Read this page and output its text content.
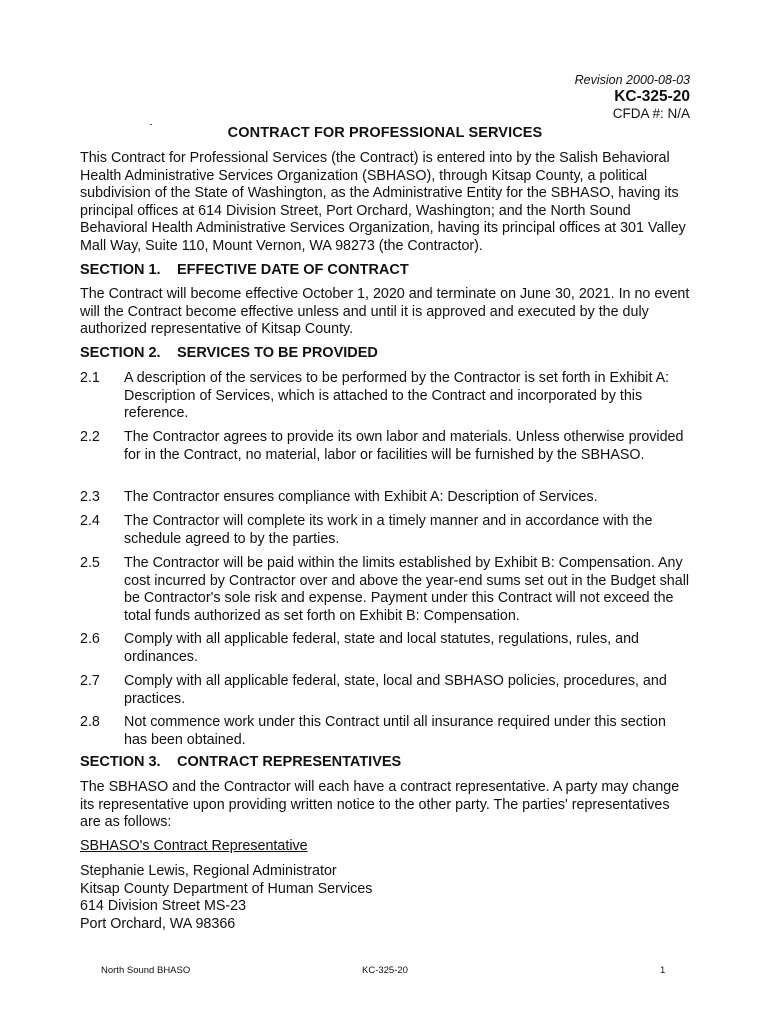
Revision 2000-08-03
KC-325-20
CFDA #: N/A
CONTRACT FOR PROFESSIONAL SERVICES
This Contract for Professional Services (the Contract) is entered into by the Salish Behavioral Health Administrative Services Organization (SBHASO), through Kitsap County, a political subdivision of the State of Washington, as the Administrative Entity for the SBHASO, having its principal offices at 614 Division Street, Port Orchard, Washington; and the North Sound Behavioral Health Administrative Services Organization, having its principal offices at 301 Valley Mall Way, Suite 110, Mount Vernon, WA 98273 (the Contractor).
SECTION 1. EFFECTIVE DATE OF CONTRACT
The Contract will become effective October 1, 2020 and terminate on June 30, 2021. In no event will the Contract become effective unless and until it is approved and executed by the duly authorized representative of Kitsap County.
SECTION 2. SERVICES TO BE PROVIDED
2.1	A description of the services to be performed by the Contractor is set forth in Exhibit A: Description of Services, which is attached to the Contract and incorporated by this reference.
2.2	The Contractor agrees to provide its own labor and materials. Unless otherwise provided for in the Contract, no material, labor or facilities will be furnished by the SBHASO.
2.3	The Contractor ensures compliance with Exhibit A: Description of Services.
2.4	The Contractor will complete its work in a timely manner and in accordance with the schedule agreed to by the parties.
2.5	The Contractor will be paid within the limits established by Exhibit B: Compensation. Any cost incurred by Contractor over and above the year-end sums set out in the Budget shall be Contractor's sole risk and expense. Payment under this Contract will not exceed the total funds authorized as set forth on Exhibit B: Compensation.
2.6	Comply with all applicable federal, state and local statutes, regulations, rules, and ordinances.
2.7	Comply with all applicable federal, state, local and SBHASO policies, procedures, and practices.
2.8	Not commence work under this Contract until all insurance required under this section has been obtained.
SECTION 3. CONTRACT REPRESENTATIVES
The SBHASO and the Contractor will each have a contract representative. A party may change its representative upon providing written notice to the other party. The parties' representatives are as follows:
SBHASO's Contract Representative
Stephanie Lewis, Regional Administrator
Kitsap County Department of Human Services
614 Division Street MS-23
Port Orchard, WA 98366
North Sound BHASO	KC-325-20	1
